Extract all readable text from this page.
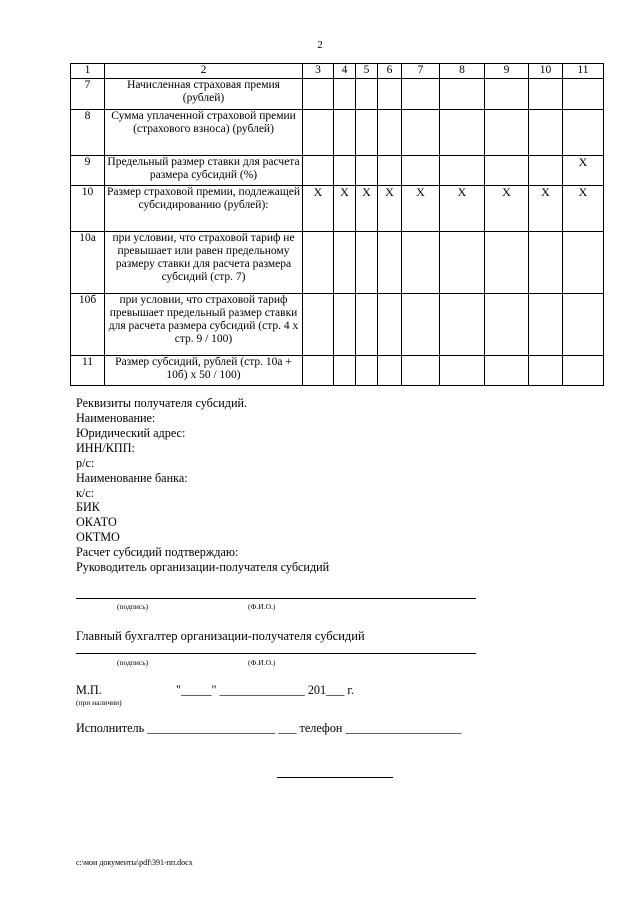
2
1	2	3	4	5	6	7	8	9	10	11
7	Начисленная страховая премия (рублей)									
8	Сумма уплаченной страховой премии (страхового взноса) (рублей)									
9	Предельный размер ставки для расчета размера субсидий (%)									Х
10	Размер страховой премии, подлежащей субсидированию (рублей):	Х	Х	Х	Х	Х	Х	Х	Х	Х
10а	при условии, что страховой тариф не превышает или равен предельному размеру ставки для расчета размера субсидий (стр. 7)									
10б	при условии, что страховой тариф превышает предельный размер ставки для расчета размера субсидий (стр. 4 х стр. 9 / 100)									
11	Размер субсидий, рублей (стр. 10а + 10б) х 50 / 100)									
Реквизиты получателя субсидий.
Наименование:
Юридический адрес:
ИНН/КПП:
р/с:
Наименование банка:
к/с:
БИК
ОКАТО
ОКТМО
Расчет субсидий подтверждаю:
Руководитель организации-получателя субсидий
(подпись)	(Ф.И.О.)
Главный бухгалтер организации-получателя субсидий
(подпись)	(Ф.И.О.)
М.П.	"_____" ______________ 201___ г.
(при наличии)
Исполнитель _____________________ ___ телефон ___________________
c:\мои документы\pdf\391-пп.docx
